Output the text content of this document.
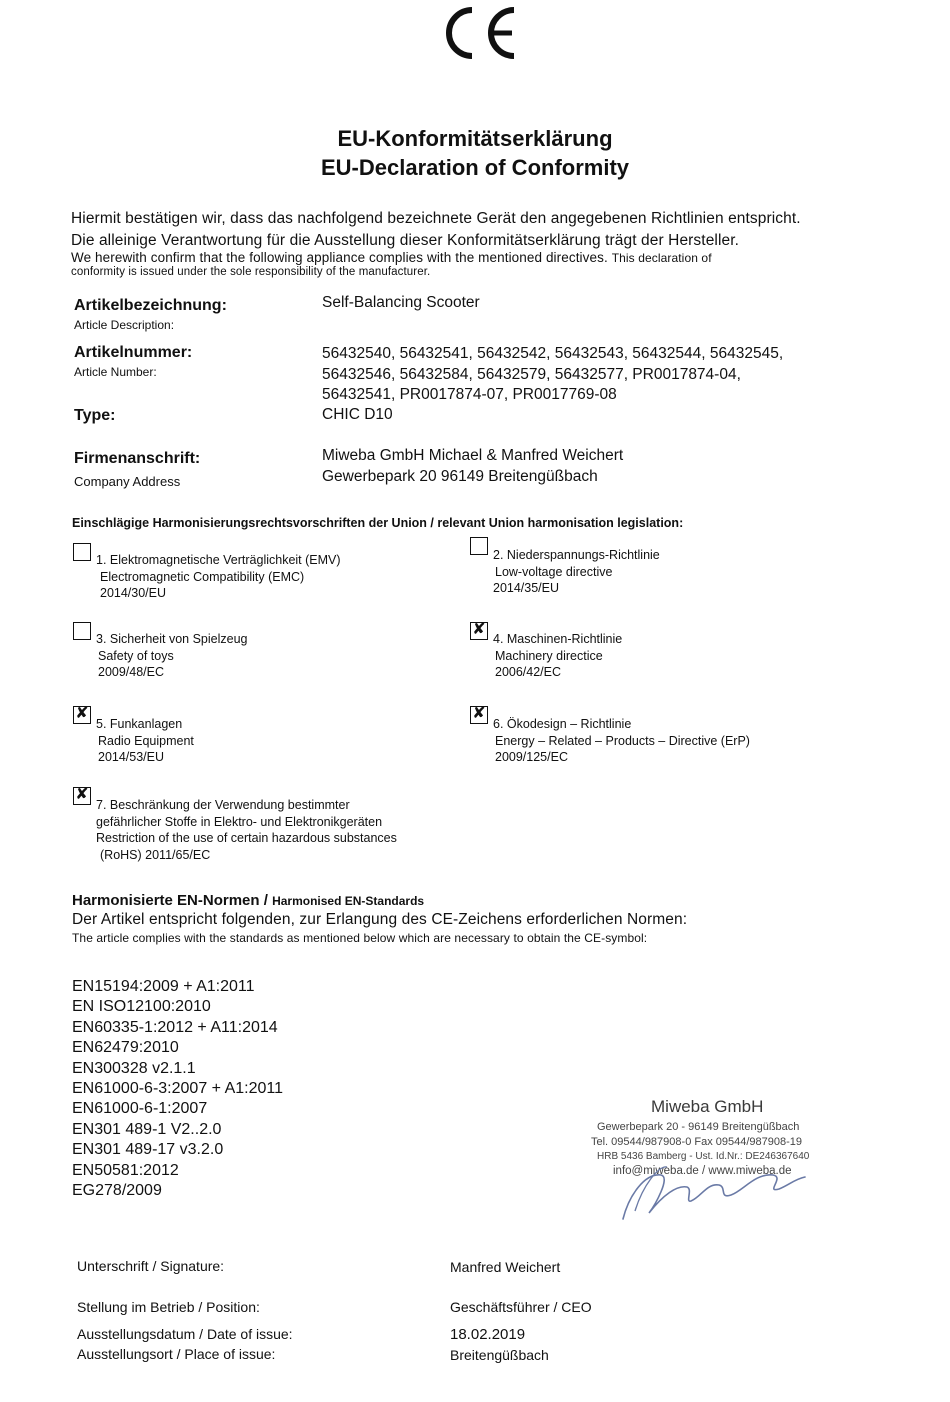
EU-Konformitätserklärung
EU-Declaration of Conformity
Hiermit bestätigen wir, dass das nachfolgend bezeichnete Gerät den angegebenen Richtlinien entspricht.
Die alleinige Verantwortung für die Ausstellung dieser Konformitätserklärung trägt der Hersteller.
We herewith confirm that the following appliance complies with the mentioned directives. This declaration of
conformity is issued under the sole responsibility of the manufacturer.
Artikelbezeichnung:
Article Description:
Self-Balancing Scooter
Artikelnummer:
Article Number:
56432540, 56432541, 56432542, 56432543, 56432544, 56432545,
56432546, 56432584, 56432579, 56432577, PR0017874-04,
56432541, PR0017874-07, PR0017769-08
Type:	CHIC D10
Firmenanschrift:
Company Address
Miweba GmbH Michael & Manfred Weichert
Gewerbepark 20 96149 Breitengüßbach
Einschlägige Harmonisierungsrechtsvorschriften der Union / relevant Union harmonisation legislation:
1. Elektromagnetische Verträglichkeit (EMV)
Electromagnetic Compatibility (EMC)
2014/30/EU
2. Niederspannungs-Richtlinie
Low-voltage directive
2014/35/EU
3. Sicherheit von Spielzeug
Safety of toys
2009/48/EC
✘
4. Maschinen-Richtlinie
Machinery directice
2006/42/EC
✘
5. Funkanlagen
Radio Equipment
2014/53/EU
✘
6. Ökodesign – Richtlinie
Energy – Related – Products – Directive (ErP)
2009/125/EC
✘
7. Beschränkung der Verwendung bestimmter
gefährlicher Stoffe in Elektro- und Elektronikgeräten
Restriction of the use of certain hazardous substances
(RoHS) 2011/65/EC
Harmonisierte EN-Normen / Harmonised EN-Standards
Der Artikel entspricht folgenden, zur Erlangung des CE-Zeichens erforderlichen Normen:
The article complies with the standards as mentioned below which are necessary to obtain the CE-symbol:
EN15194:2009 + A1:2011
EN ISO12100:2010
EN60335-1:2012 + A11:2014
EN62479:2010
EN300328 v2.1.1
EN61000-6-3:2007 + A1:2011
EN61000-6-1:2007
EN301 489-1 V2..2.0
EN301 489-17 v3.2.0
EN50581:2012
EG278/2009
Miweba GmbH
Gewerbepark 20 - 96149 Breitengüßbach
Tel. 09544/987908-0 Fax 09544/987908-19
HRB 5436 Bamberg - Ust. Id.Nr.: DE246367640
info@miweba.de / www.miweba.de
Unterschrift / Signature:	Manfred Weichert
Stellung im Betrieb / Position:	Geschäftsführer / CEO
Ausstellungsdatum / Date of issue:	18.02.2019
Ausstellungsort / Place of issue:	Breitengüßbach
